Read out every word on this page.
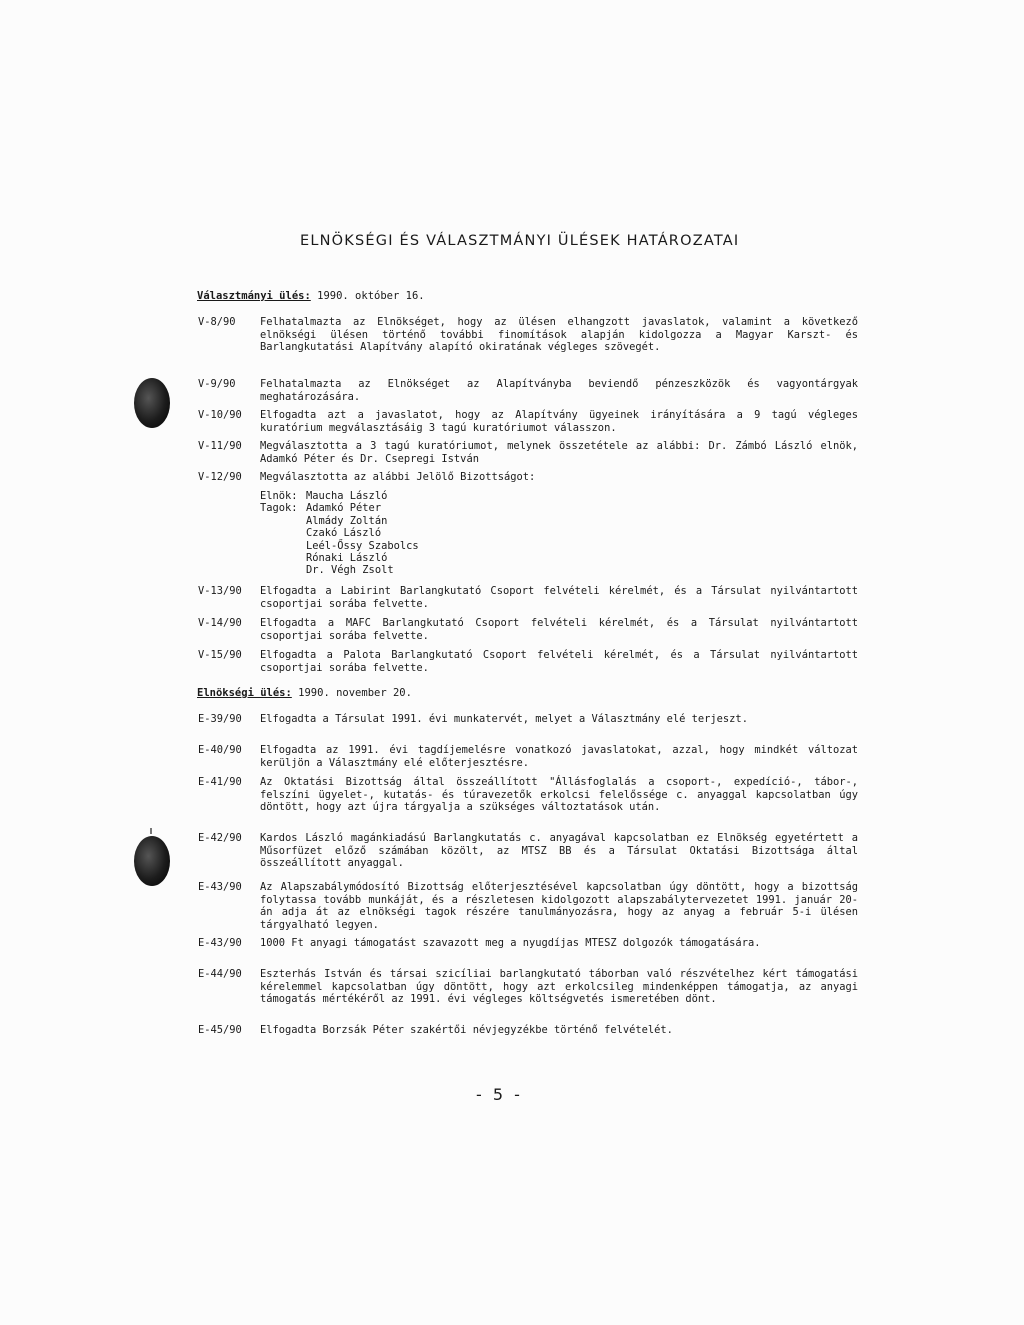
ELNÖKSÉGI ÉS VÁLASZTMÁNYI ÜLÉSEK HATÁROZATAI
Választmányi ülés: 1990. október 16.
V-8/90	Felhatalmazta az Elnökséget, hogy az ülésen elhangzott javaslatok, valamint a következő elnökségi ülésen történő további finomítások alapján kidolgozza a Magyar Karszt- és Barlangkutatási Alapítvány alapító okiratának végleges szövegét.
V-9/90	Felhatalmazta az Elnökséget az Alapítványba beviendő pénzeszközök és vagyontárgyak meghatározására.
V-10/90	Elfogadta azt a javaslatot, hogy az Alapítvány ügyeinek irányítására a 9 tagú végleges kuratórium megválasztásáig 3 tagú kuratóriumot válasszon.
V-11/90	Megválasztotta a 3 tagú kuratóriumot, melynek összetétele az alábbi: Dr. Zámbó László elnök, Adamkó Péter és Dr. Csepregi István
V-12/90	Megválasztotta az alábbi Jelölő Bizottságot:
Elnök: Maucha László
Tagok: Adamkó Péter
Almády Zoltán
Czakó László
Leél-Őssy Szabolcs
Rónaki László
Dr. Végh Zsolt
V-13/90	Elfogadta a Labirint Barlangkutató Csoport felvételi kérelmét, és a Társulat nyilvántartott csoportjai sorába felvette.
V-14/90	Elfogadta a MAFC Barlangkutató Csoport felvételi kérelmét, és a Társulat nyilvántartott csoportjai sorába felvette.
V-15/90	Elfogadta a Palota Barlangkutató Csoport felvételi kérelmét, és a Társulat nyilvántartott csoportjai sorába felvette.
Elnökségi ülés: 1990. november 20.
E-39/90	Elfogadta a Társulat 1991. évi munkatervét, melyet a Választmány elé terjeszt.
E-40/90	Elfogadta az 1991. évi tagdíjemelésre vonatkozó javaslatokat, azzal, hogy mindkét változat kerüljön a Választmány elé előterjesztésre.
E-41/90	Az Oktatási Bizottság által összeállított "Állásfoglalás a csoport-, expedíció-, tábor-, felszíni ügyelet-, kutatás- és túravezetők erkolcsi felelőssége c. anyaggal kapcsolatban úgy döntött, hogy azt újra tárgyalja a szükséges változtatások után.
E-42/90	Kardos László magánkiadású Barlangkutatás c. anyagával kapcsolatban ez Elnökség egyetértett a Műsorfüzet előző számában közölt, az MTSZ BB és a Társulat Oktatási Bizottsága által összeállított anyaggal.
E-43/90	Az Alapszabálymódosító Bizottság előterjesztésével kapcsolatban úgy döntött, hogy a bizottság folytassa tovább munkáját, és a részletesen kidolgozott alapszabálytervezetet 1991. január 20-án adja át az elnökségi tagok részére tanulmányozásra, hogy az anyag a február 5-i ülésen tárgyalható legyen.
E-43/90	1000 Ft anyagi támogatást szavazott meg a nyugdíjas MTESZ dolgozók támogatására.
E-44/90	Eszterhás István és társai szicíliai barlangkutató táborban való részvételhez kért támogatási kérelemmel kapcsolatban úgy döntött, hogy azt erkolcsileg mindenképpen támogatja, az anyagi támogatás mértékéről az 1991. évi végleges költségvetés ismeretében dönt.
E-45/90	Elfogadta Borzsák Péter szakértői névjegyzékbe történő felvételét.
- 5 -
